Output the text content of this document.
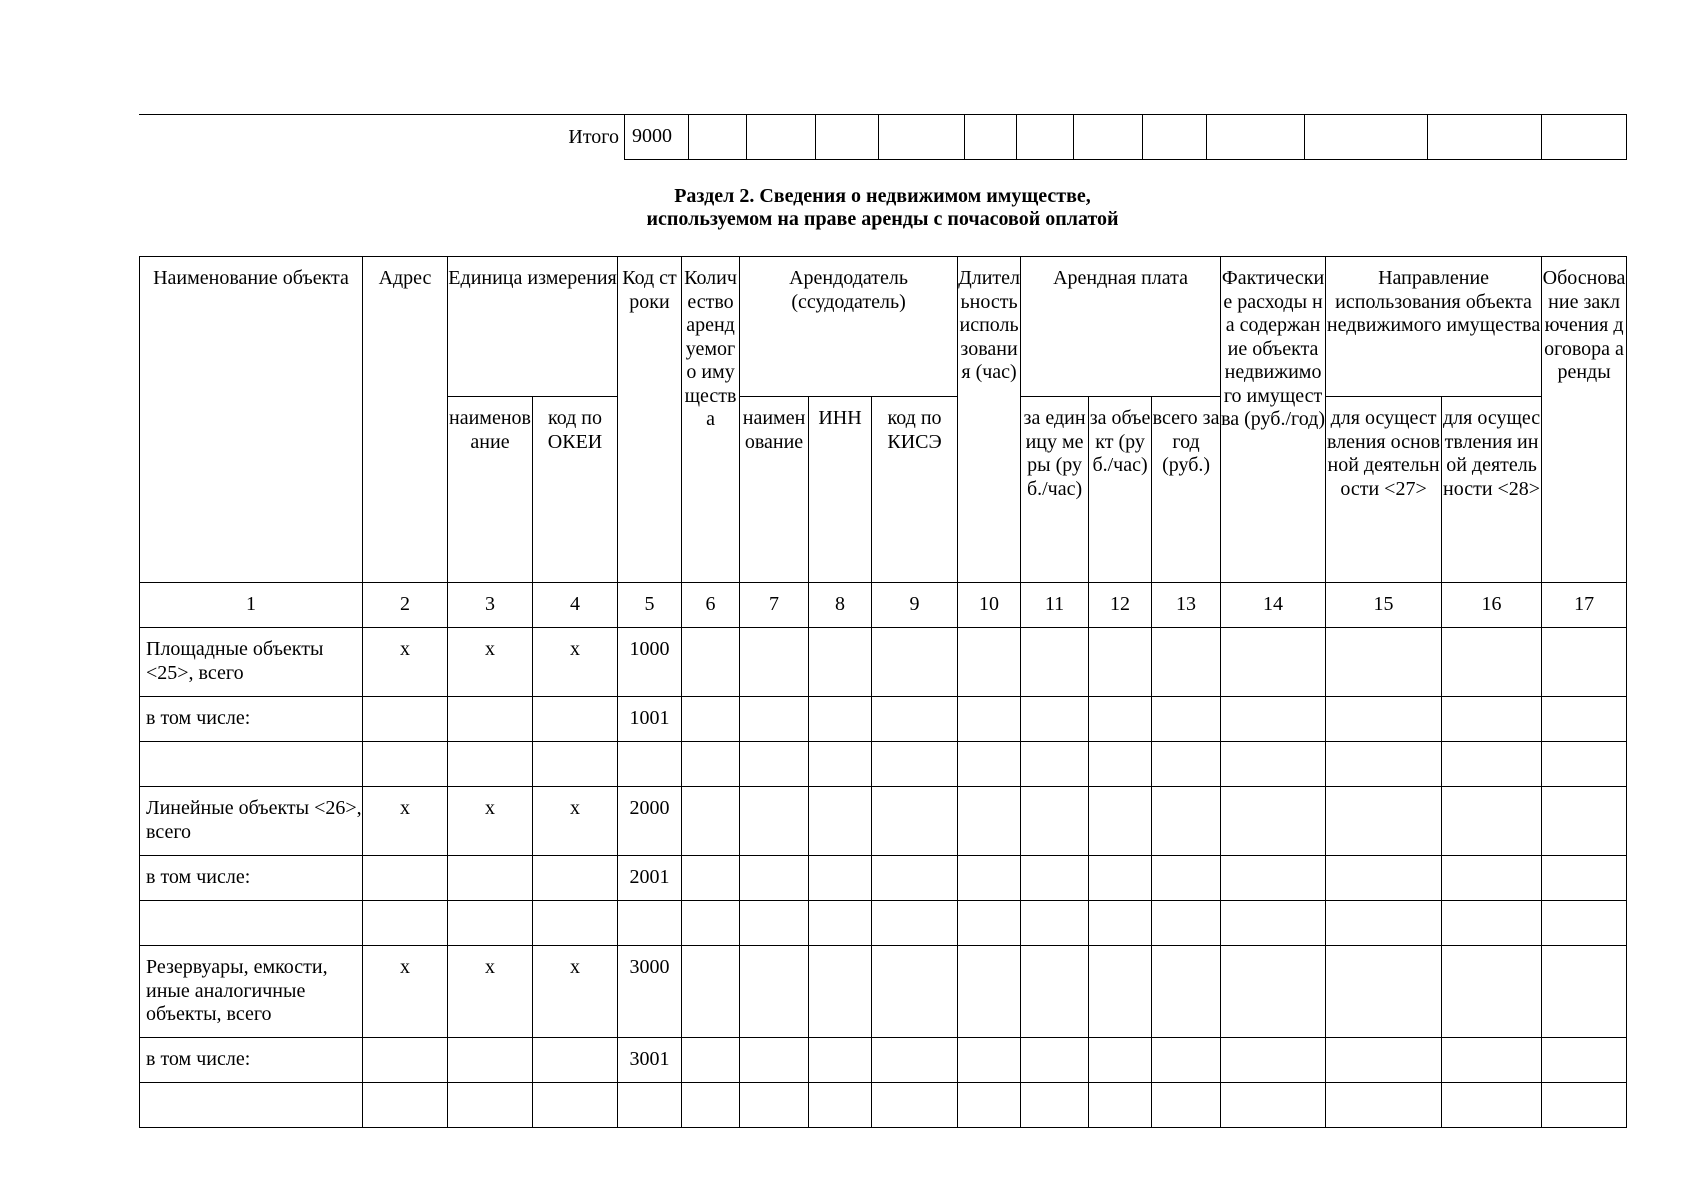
Итого 9000												
Раздел 2. Сведения о недвижимом имуществе,
используемом на праве аренды с почасовой оплатой
Наименование объекта	Адрес	Единица измерения		Код строки	Количество арендуемого имущества	Арендодатель (ссудодатель)			Длительность использования (час)	Арендная плата			Фактические расходы на содержание объекта недвижимого имущества (руб./год)	Направление использования объекта недвижимого имущества		Обоснование заключения договора аренды
		наименование	код по ОКЕИ			наименование	ИНН	код по КИСЭ		за единицу меры (руб./час)	за объект (руб./час)	всего за год (руб.)		для осуществления основной деятельности <27>	для осуществления иной деятельности <28>	
1	2	3	4	5	6	7	8	9	10	11	12	13	14	15	16	17
Площадные объекты <25>, всего	х	х	х	1000												
в том числе:				1001												

Линейные объекты <26>, всего	х	х	х	2000												
в том числе:				2001												

Резервуары, емкости, иные аналогичные объекты, всего	х	х	х	3000												
в том числе:				3001												
